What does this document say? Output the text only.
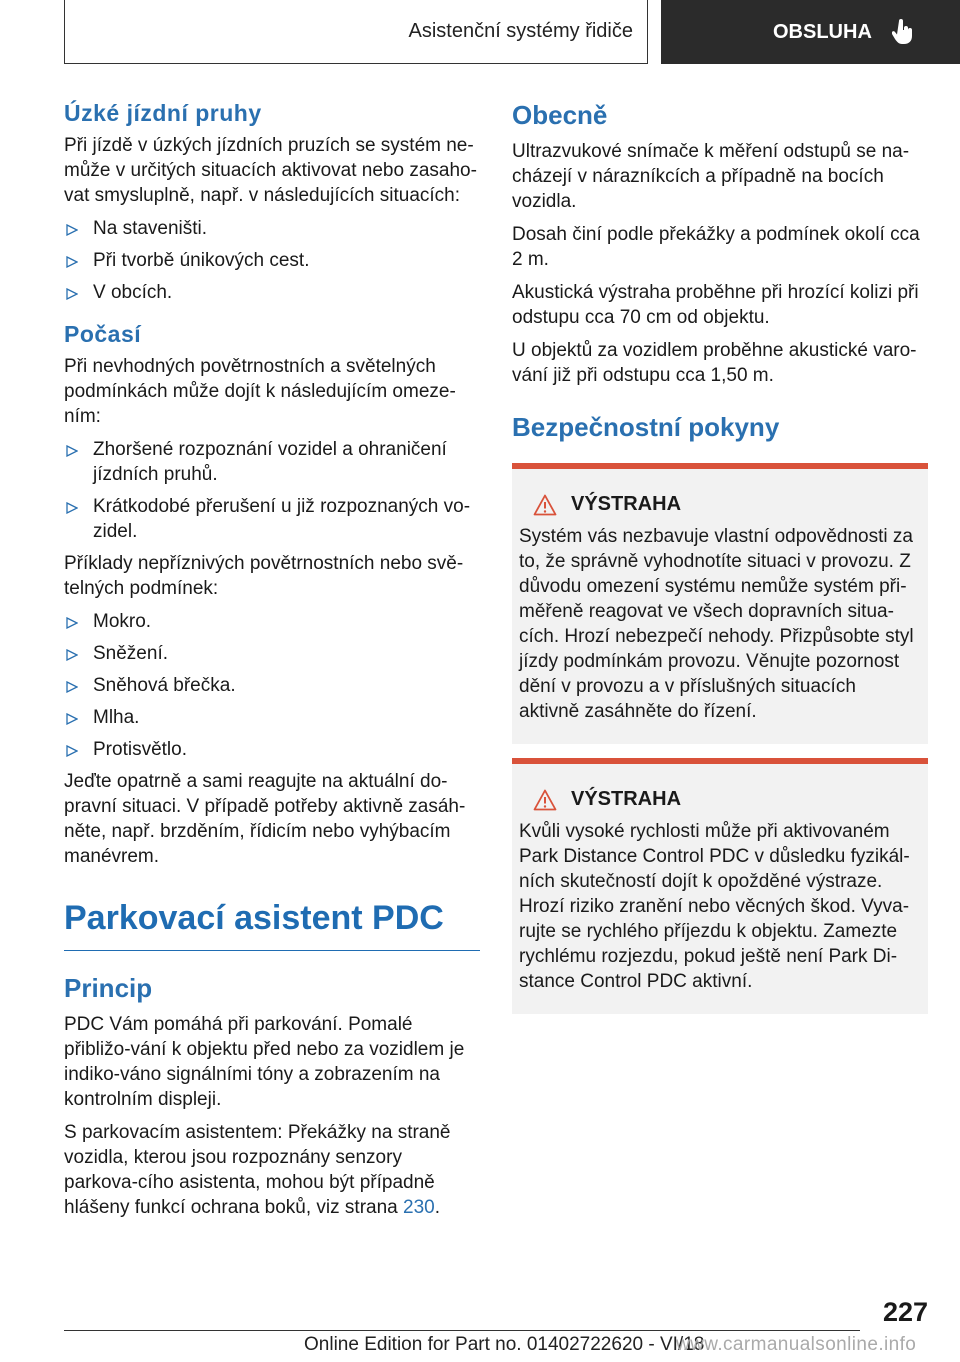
Asistenční systémy řidiče	OBSLUHA
Úzké jízdní pruhy

Při jízdě v úzkých jízdních pruzích se systém ne-může v určitých situacích aktivovat nebo zasaho-vat smysluplně, např. v následujících situacích:

Na staveništi.
Při tvorbě únikových cest.
V obcích.
Počasí

Při nevhodných povětrnostních a světelných podmínkách může dojít k následujícím omeze-ním:

Zhoršené rozpoznání vozidel a ohraničení jízdních pruhů.
Krátkodobé přerušení u již rozpoznaných vo-zidel.

Příklady nepříznivých povětrnostních nebo svě-telných podmínek:

Mokro.
Sněžení.
Sněhová břečka.
Mlha.
Protisvětlo.

Jeďte opatrně a sami reagujte na aktuální do-pravní situaci. V případě potřeby aktivně zasáh-něte, např. brzděním, řídicím nebo vyhýbacím manévrem.

Parkovací asistent PDC
Princip

PDC Vám pomáhá při parkování. Pomalé přibližo-vání k objektu před nebo za vozidlem je indiko-váno signálními tóny a zobrazením na kontrolním displeji.

S parkovacím asistentem: Překážky na straně vozidla, kterou jsou rozpoznány senzory parkova-cího asistenta, mohou být případně hlášeny funkcí ochrana boků, viz strana 230.

Obecně

Ultrazvukové snímače k měření odstupů se na-cházejí v nárazníkcích a případně na bocích vozidla.

Dosah činí podle překážky a podmínek okolí cca 2 m.

Akustická výstraha proběhne při hrozící kolizi při odstupu cca 70 cm od objektu.

U objektů za vozidlem proběhne akustické varo-vání již při odstupu cca 1,50 m.

Bezpečnostní pokyny
VÝSTRAHA

Systém vás nezbavuje vlastní odpovědnosti za to, že správně vyhodnotíte situaci v provozu. Z důvodu omezení systému nemůže systém při-měřeně reagovat ve všech dopravních situa-cích. Hrozí nebezpečí nehody. Přizpůsobte styl jízdy podmínkám provozu. Věnujte pozornost dění v provozu a v příslušných situacích aktivně zasáhněte do řízení.

VÝSTRAHA

Kvůli vysoké rychlosti může při aktivovaném Park Distance Control PDC v důsledku fyzikál-ních skutečností dojít k opožděné výstraze. Hrozí riziko zranění nebo věcných škod. Vyva-rujte se rychlého příjezdu k objektu. Zamezte rychlému rozjezdu, pokud ještě není Park Di-stance Control PDC aktivní.

227
Online Edition for Part no. 01402722620 - VI/18
www.carmanualsonline.info
